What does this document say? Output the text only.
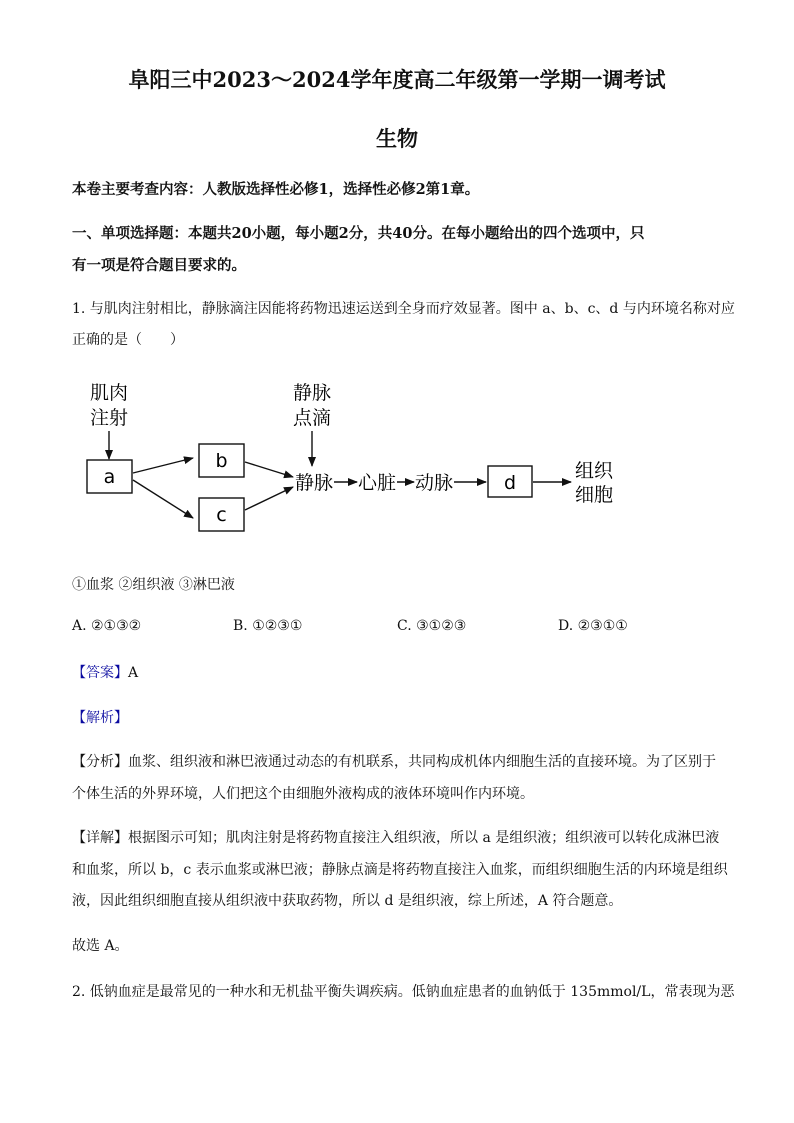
阜阳三中2023～2024学年度高二年级第一学期一调考试
生物
本卷主要考查内容：人教版选择性必修1，选择性必修2第1章。
一、单项选择题：本题共20小题，每小题2分，共40分。在每小题给出的四个选项中，只
有一项是符合题目要求的。
1. 与肌肉注射相比，静脉滴注因能将药物迅速运送到全身而疗效显著。图中 a、b、c、d 与内环境名称对应
正确的是（　　）
肌肉
注射
a
b
c
静脉
点滴
静脉 心脏 动脉	d
组织
细胞
①血浆 ②组织液 ③淋巴液
A. ②①③②	B. ①②③①	C. ③①②③	D. ②③①①
【答案】A
【解析】
【分析】血浆、组织液和淋巴液通过动态的有机联系，共同构成机体内细胞生活的直接环境。为了区别于
个体生活的外界环境，人们把这个由细胞外液构成的液体环境叫作内环境。
【详解】根据图示可知；肌肉注射是将药物直接注入组织液，所以 a 是组织液；组织液可以转化成淋巴液
和血浆，所以 b，c 表示血浆或淋巴液；静脉点滴是将药物直接注入血浆，而组织细胞生活的内环境是组织
液，因此组织细胞直接从组织液中获取药物，所以 d 是组织液，综上所述，A 符合题意。
故选 A。
2. 低钠血症是最常见的一种水和无机盐平衡失调疾病。低钠血症患者的血钠低于 135mmol/L，常表现为恶
